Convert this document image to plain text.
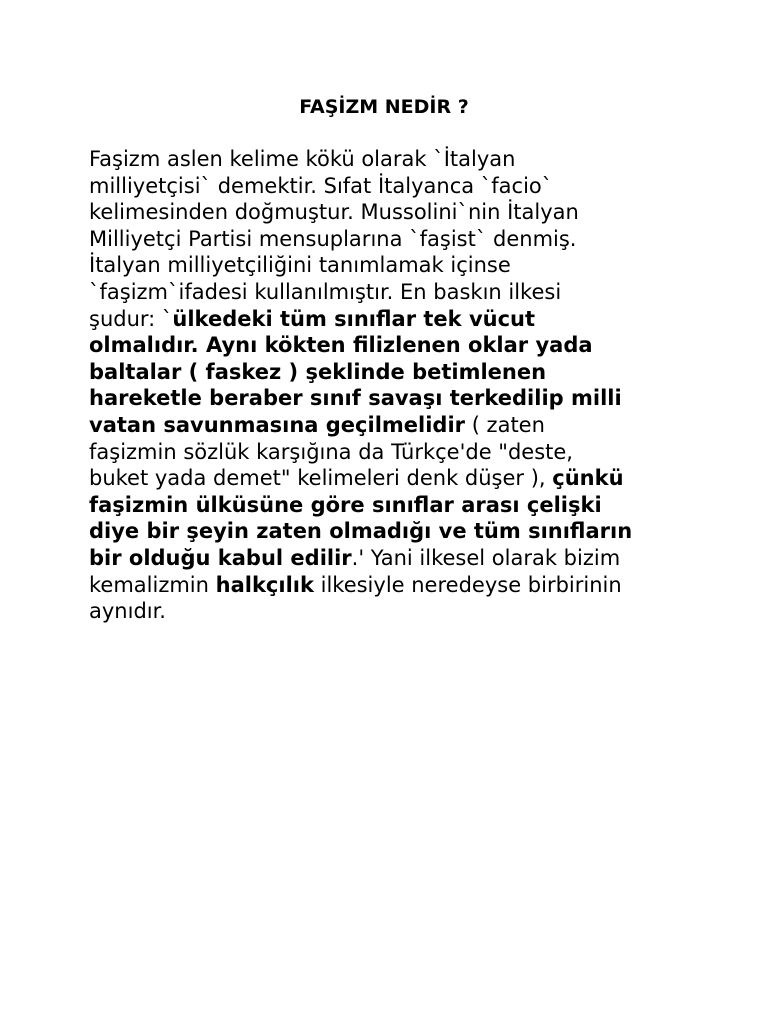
FAŞİZM NEDİR ?
Faşizm aslen kelime kökü olarak `İtalyan
milliyetçisi` demektir. Sıfat İtalyanca `facio`
kelimesinden doğmuştur. Mussolini`nin İtalyan
Milliyetçi Partisi mensuplarına `faşist` denmiş.
İtalyan milliyetçiliğini tanımlamak içinse
`faşizm`ifadesi kullanılmıştır. En baskın ilkesi
şudur: `ülkedeki tüm sınıflar tek vücut
olmalıdır. Aynı kökten filizlenen oklar yada
baltalar ( faskez ) şeklinde betimlenen
hareketle beraber sınıf savaşı terkedilip milli
vatan savunmasına geçilmelidir ( zaten
faşizmin sözlük karşığına da Türkçe'de "deste,
buket yada demet" kelimeleri denk düşer ), çünkü
faşizmin ülküsüne göre sınıflar arası çelişki
diye bir şeyin zaten olmadığı ve tüm sınıfların
bir olduğu kabul edilir.' Yani ilkesel olarak bizim
kemalizmin halkçılık ilkesiyle neredeyse birbirinin
aynıdır.
